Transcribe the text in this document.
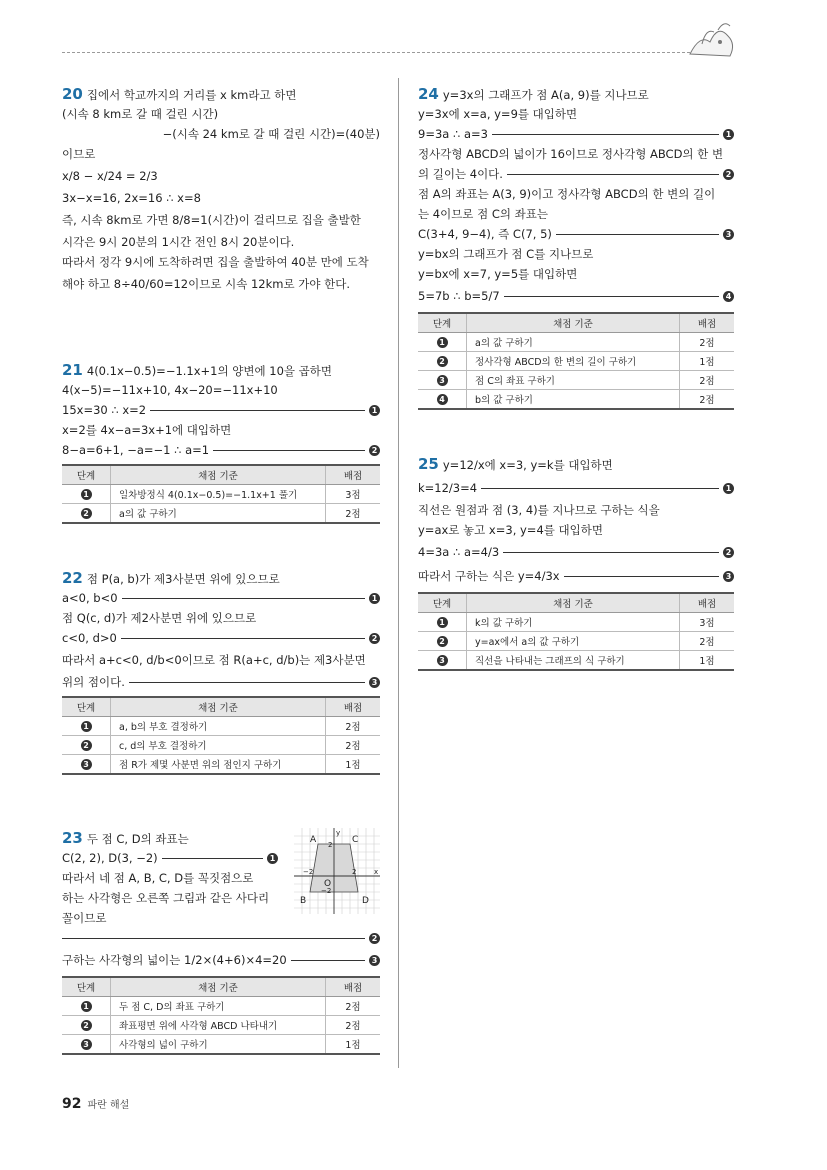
20 집에서 학교까지의 거리를 x km라고 하면
(시속 8 km로 갈 때 걸린 시간)
−(시속 24 km로 갈 때 걸린 시간)=(40분)
이므로
x/8 − x/24 = 2/3
3x−x=16, 2x=16 ∴ x=8
즉, 시속 8km로 가면 8/8=1(시간)이 걸리므로 집을 출발한
시각은 9시 20분의 1시간 전인 8시 20분이다.
따라서 정각 9시에 도착하려면 집을 출발하여 40분 만에 도착
해야 하고 8÷40/60=12이므로 시속 12km로 가야 한다.
21 4(0.1x−0.5)=−1.1x+1의 양변에 10을 곱하면
4(x−5)=−11x+10, 4x−20=−11x+10
15x=30 ∴ x=2	1
x=2를 4x−a=3x+1에 대입하면
8−a=6+1, −a=−1 ∴ a=1	2
단계	채점 기준	배점
1	일차방정식 4(0.1x−0.5)=−1.1x+1 풀기	3점
2	a의 값 구하기	2점
22 점 P(a, b)가 제3사분면 위에 있으므로
a<0, b<0	1
점 Q(c, d)가 제2사분면 위에 있으므로
c<0, d>0	2
따라서 a+c<0, d/b<0이므로 점 R(a+c, d/b)는 제3사분면
위의 점이다.	3
단계	채점 기준	배점
1	a, b의 부호 결정하기	2점
2	c, d의 부호 결정하기	2점
3	점 R가 제몇 사분면 위의 점인지 구하기	1점
23 두 점 C, D의 좌표는
C(2, 2), D(3, −2)	1
따라서 네 점 A, B, C, D를 꼭짓점으로
하는 사각형은 오른쪽 그림과 같은 사다리
꼴이므로
2
구하는 사각형의 넓이는 1/2×(4+6)×4=20	3
A	C
B	D
O
x
y
2
−2	2
−2
단계	채점 기준	배점
1	두 점 C, D의 좌표 구하기	2점
2	좌표평면 위에 사각형 ABCD 나타내기	2점
3	사각형의 넓이 구하기	1점
24 y=3x의 그래프가 점 A(a, 9)를 지나므로
y=3x에 x=a, y=9를 대입하면
9=3a ∴ a=3	1
정사각형 ABCD의 넓이가 16이므로 정사각형 ABCD의 한 변
의 길이는 4이다.	2
점 A의 좌표는 A(3, 9)이고 정사각형 ABCD의 한 변의 길이
는 4이므로 점 C의 좌표는
C(3+4, 9−4), 즉 C(7, 5)	3
y=bx의 그래프가 점 C를 지나므로
y=bx에 x=7, y=5를 대입하면
5=7b ∴ b=5/7	4
단계	채점 기준	배점
1	a의 값 구하기	2점
2	정사각형 ABCD의 한 변의 길이 구하기	1점
3	점 C의 좌표 구하기	2점
4	b의 값 구하기	2점
25 y=12/x에 x=3, y=k를 대입하면
k=12/3=4	1
직선은 원점과 점 (3, 4)를 지나므로 구하는 식을
y=ax로 놓고 x=3, y=4를 대입하면
4=3a ∴ a=4/3	2
따라서 구하는 식은 y=4/3x	3
단계	채점 기준	배점
1	k의 값 구하기	3점
2	y=ax에서 a의 값 구하기	2점
3	직선을 나타내는 그래프의 식 구하기	1점
92 파란 해설
